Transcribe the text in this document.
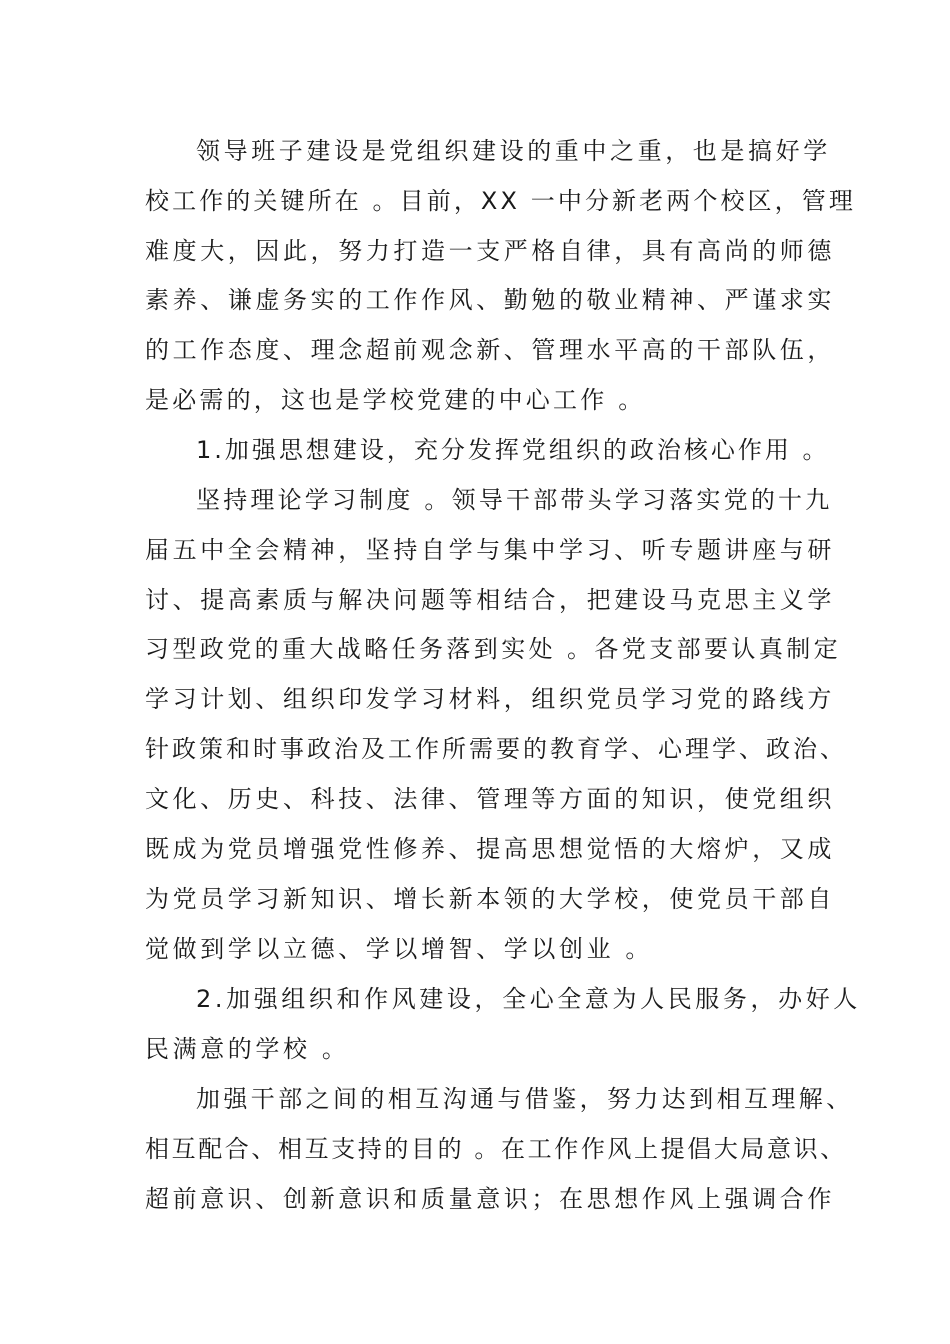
领导班子建设是党组织建设的重中之重，也是搞好学
校工作的关键所在 。目前，XX 一中分新老两个校区，管理
难度大，因此，努力打造一支严格自律，具有高尚的师德
素养、谦虚务实的工作作风、勤勉的敬业精神、严谨求实
的工作态度、理念超前观念新、管理水平高的干部队伍，
是必需的，这也是学校党建的中心工作 。
1.加强思想建设，充分发挥党组织的政治核心作用 。
坚持理论学习制度 。领导干部带头学习落实党的十九
届五中全会精神，坚持自学与集中学习、听专题讲座与研
讨、提高素质与解决问题等相结合，把建设马克思主义学
习型政党的重大战略任务落到实处 。各党支部要认真制定
学习计划、组织印发学习材料，组织党员学习党的路线方
针政策和时事政治及工作所需要的教育学、心理学、政治、
文化、历史、科技、法律、管理等方面的知识，使党组织
既成为党员增强党性修养、提高思想觉悟的大熔炉，又成
为党员学习新知识、增长新本领的大学校，使党员干部自
觉做到学以立德、学以增智、学以创业 。
2.加强组织和作风建设，全心全意为人民服务，办好人
民满意的学校 。
加强干部之间的相互沟通与借鉴，努力达到相互理解、
相互配合、相互支持的目的 。在工作作风上提倡大局意识、
超前意识、创新意识和质量意识；在思想作风上强调合作
